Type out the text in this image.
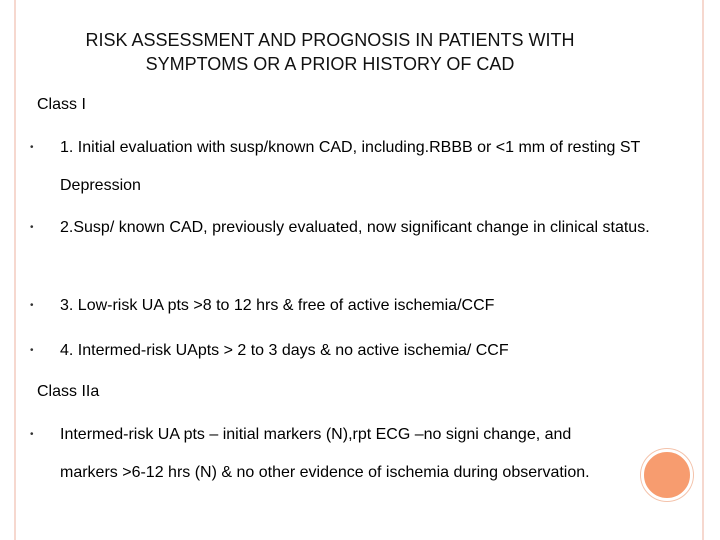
RISK ASSESSMENT AND PROGNOSIS IN PATIENTS WITH
SYMPTOMS OR A PRIOR HISTORY OF CAD
Class I
•	1. Initial evaluation with susp/known CAD, including.RBBB or <1 mm of resting ST Depression
•	2.Susp/ known CAD, previously evaluated, now significant change in clinical status.
•	3. Low-risk UA pts >8 to 12 hrs & free of active ischemia/CCF
•	4. Intermed-risk UApts > 2 to 3 days & no active ischemia/ CCF
Class IIa
•	Intermed-risk UA pts – initial markers (N),rpt ECG –no signi change, and markers >6-12 hrs (N) & no other evidence of ischemia during observation.
